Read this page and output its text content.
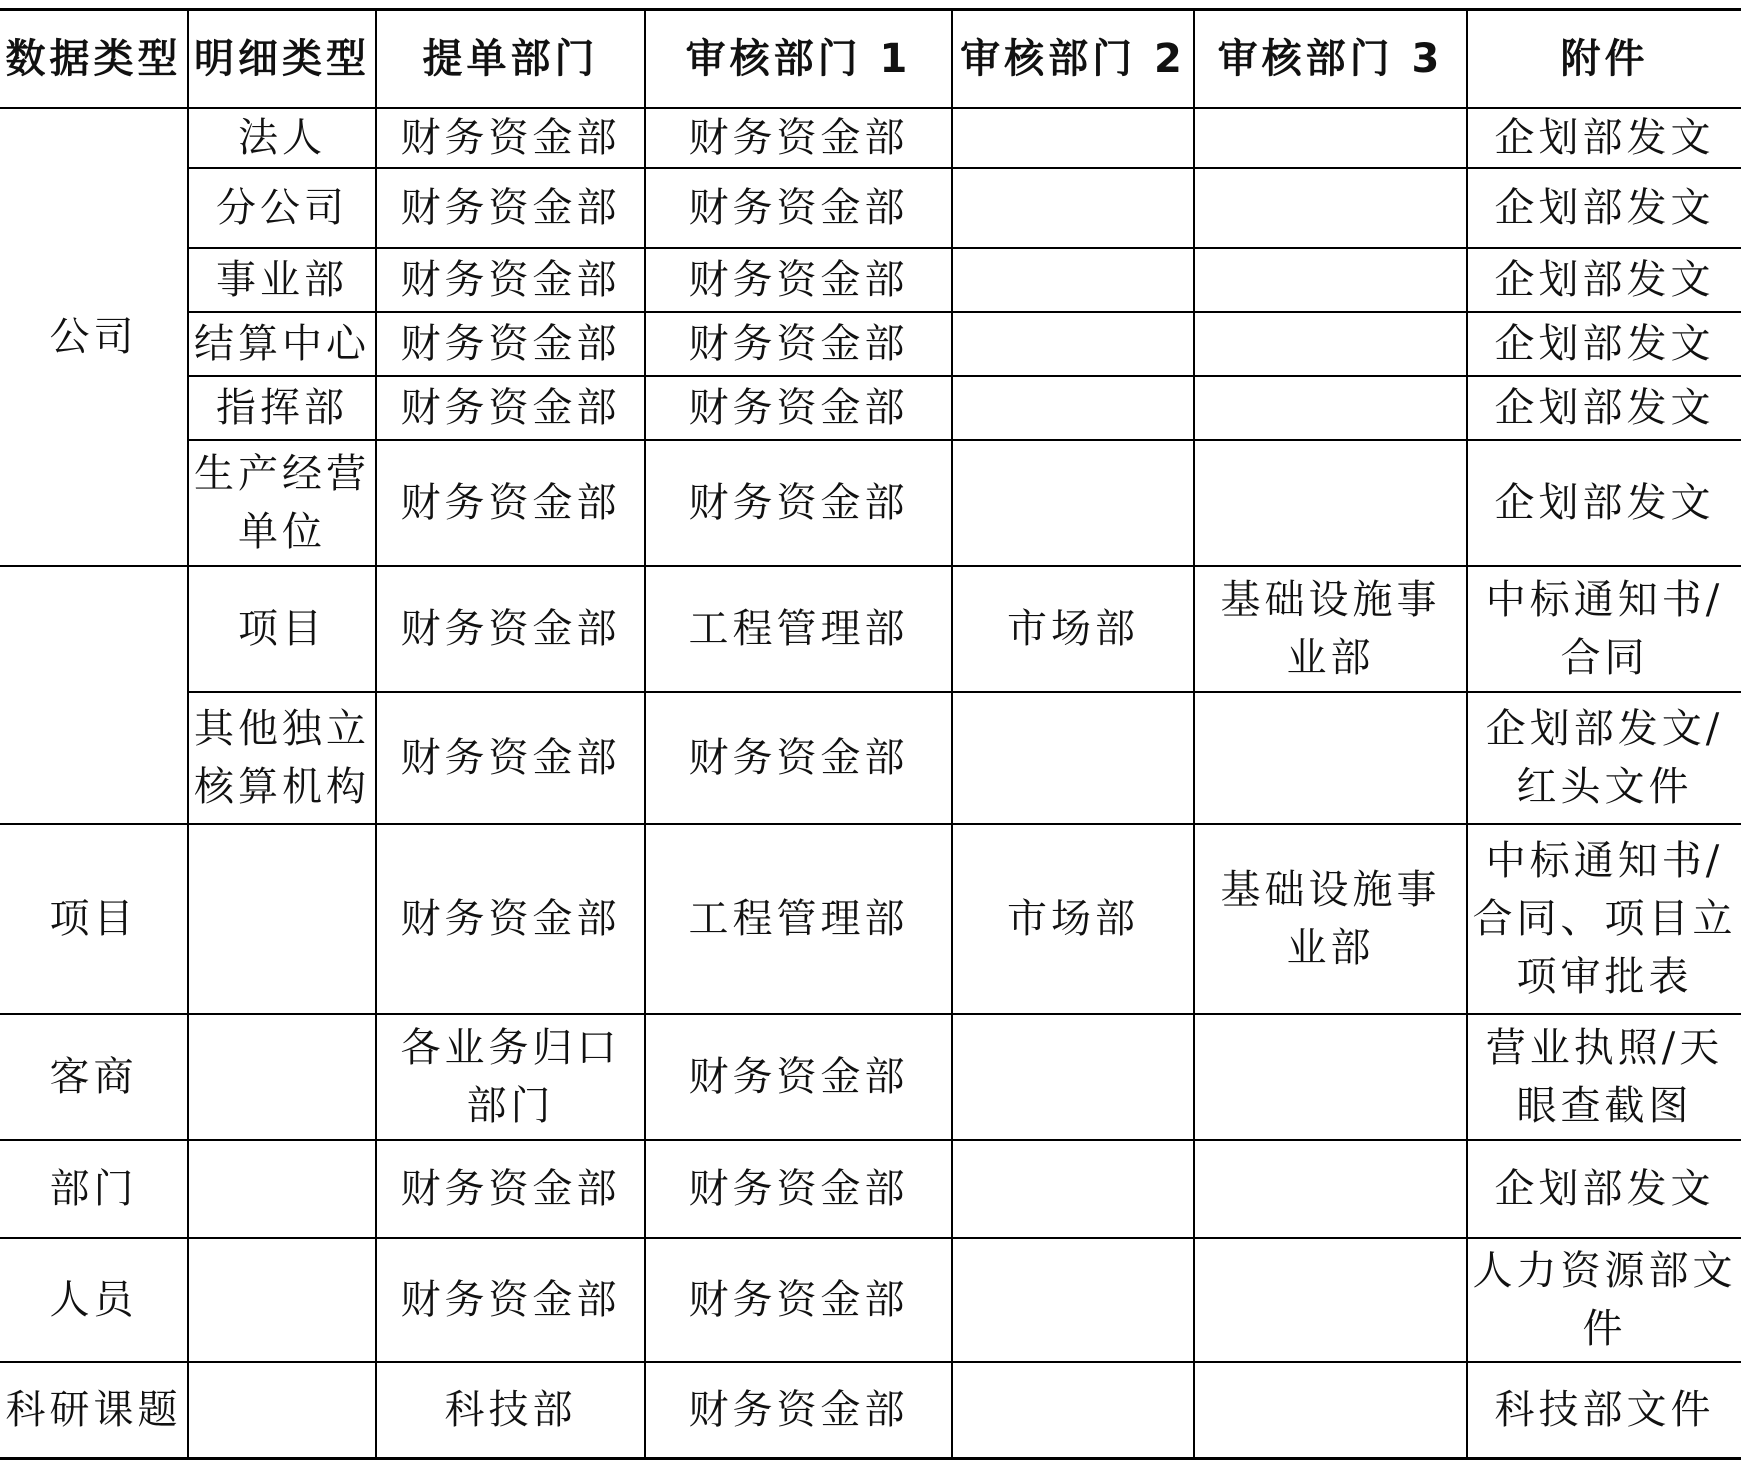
数据类型	明细类型	提单部门	审核部门 1	审核部门 2	审核部门 3	附件
公司	法人	财务资金部	财务资金部			企划部发文
	分公司	财务资金部	财务资金部			企划部发文
	事业部	财务资金部	财务资金部			企划部发文
	结算中心	财务资金部	财务资金部			企划部发文
	指挥部	财务资金部	财务资金部			企划部发文
	生产经营单位	财务资金部	财务资金部			企划部发文
	项目	财务资金部	工程管理部	市场部	基础设施事业部	中标通知书/合同
	其他独立核算机构	财务资金部	财务资金部			企划部发文/红头文件
项目		财务资金部	工程管理部	市场部	基础设施事业部	中标通知书/合同、项目立项审批表
客商		各业务归口部门	财务资金部			营业执照/天眼查截图
部门		财务资金部	财务资金部			企划部发文
人员		财务资金部	财务资金部			人力资源部文件
科研课题		科技部	财务资金部			科技部文件
